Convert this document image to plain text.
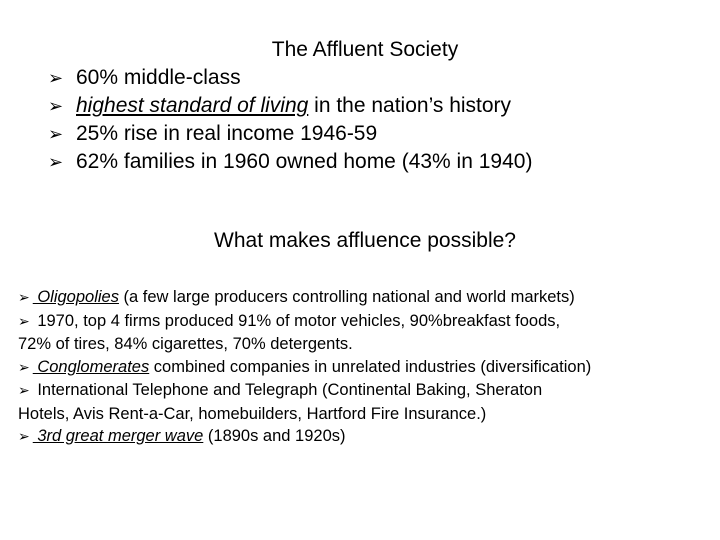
The Affluent Society
➢ 60% middle-class
➢ highest standard of living in the nation’s history
➢ 25% rise in real income 1946-59
➢ 62% families in 1960 owned home (43% in 1940)
What makes affluence possible?
➢ Oligopolies (a few large producers controlling national and world markets)
➢ 1970, top 4 firms produced 91% of motor vehicles, 90%breakfast foods,
72% of tires, 84% cigarettes, 70% detergents.
➢ Conglomerates combined companies in unrelated industries (diversification)
➢ International Telephone and Telegraph (Continental Baking, Sheraton
Hotels, Avis Rent-a-Car, homebuilders, Hartford Fire Insurance.)
➢ 3rd great merger wave (1890s and 1920s)
